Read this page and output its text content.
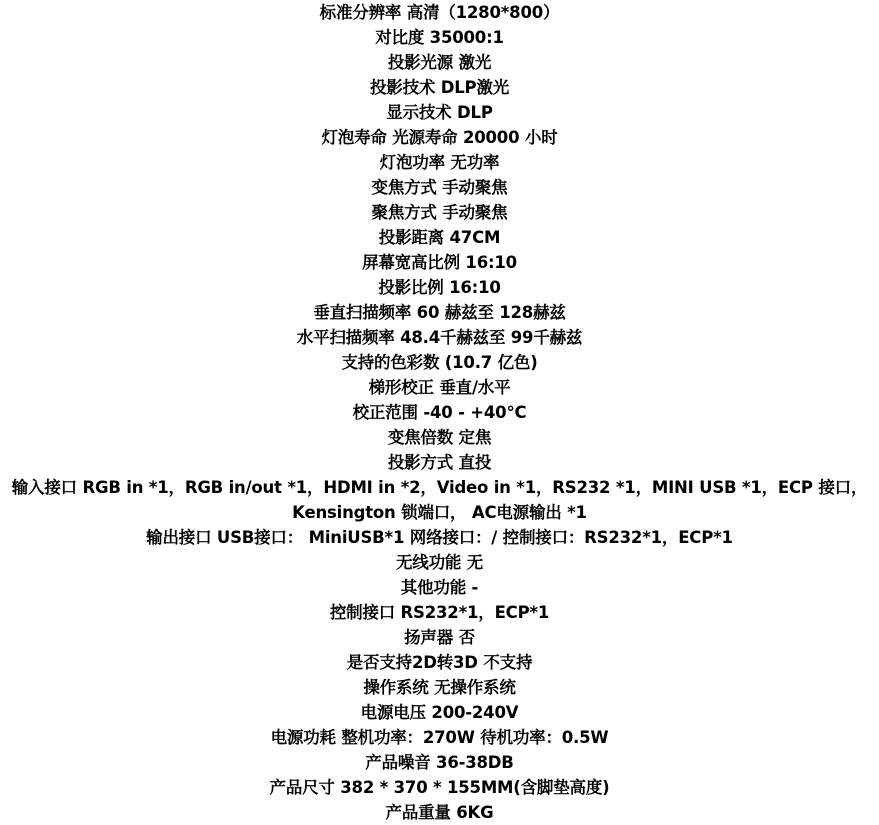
标准分辨率 高清（1280*800）
对比度 35000:1
投影光源 激光
投影技术 DLP激光
显示技术 DLP
灯泡寿命 光源寿命 20000 小时
灯泡功率 无功率
变焦方式 手动聚焦
聚焦方式 手动聚焦
投影距离 47CM
屏幕宽高比例 16:10
投影比例 16:10
垂直扫描频率 60 赫兹至 128赫兹
水平扫描频率 48.4千赫兹至 99千赫兹
支持的色彩数 (10.7 亿色)
梯形校正 垂直/水平
校正范围 -40 - +40°C
变焦倍数 定焦
投影方式 直投
输入接口 RGB in *1，RGB in/out *1，HDMI in *2，Video in *1，RS232 *1，MINI USB *1，ECP 接口，
Kensington 锁端口， AC电源输出 *1
输出接口 USB接口： MiniUSB*1 网络接口：/ 控制接口：RS232*1，ECP*1
无线功能 无
其他功能 -
控制接口 RS232*1，ECP*1
扬声器 否
是否支持2D转3D 不支持
操作系统 无操作系统
电源电压 200-240V
电源功耗 整机功率：270W 待机功率：0.5W
产品噪音 36-38DB
产品尺寸 382 * 370 * 155MM(含脚垫高度)
产品重量 6KG
